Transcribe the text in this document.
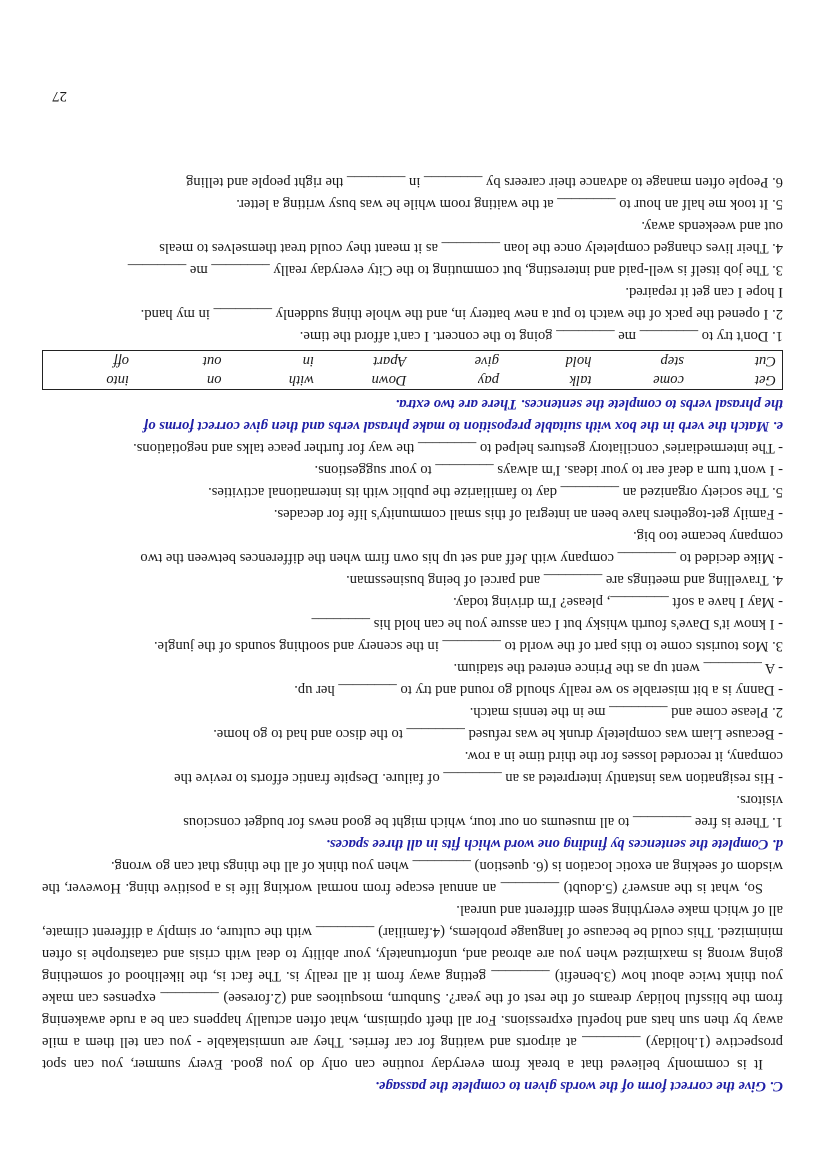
27

C. Give the correct form of the words given to complete the passage.

It is commonly believed that a break from everyday routine can only do you good. Every summer, you can spot prospective (1.holiday) ________ at airports and waiting for car ferries. They are unmistakable - you can tell them a mile away by then sun hats and hopeful expressions. For all theft optimism, what often actually happens can be a rude awakening from the blissful holiday dreams of the rest of the year?. Sunburn, mosquitoes and (2.foresee) ________ expenses can make you think twice about how (3.benefit) ________ getting away from it all really is. The fact is, the likelihood of something going wrong is maximized when you are abroad and, unfortunately, your ability to deal with crisis and catastrophe is often minimized. This could be because of language problems, (4.familiar) ________ with the culture, or simply a different climate, all of which make everything seem different and unreal.

So, what is the answer? (5.doubt) ________ an annual escape from normal working life is a positive thing. However, the wisdom of seeking an exotic location is (6. question) ________ when you think of all the things that can go wrong.

d. Complete the sentences by finding one word which fits in all three spaces.

1. There is free ________ to all museums on our tour, which might be good news for budget conscious

visitors.

- His resignation was instantly interpreted as an ________ of failure. Despite frantic efforts to revive the

company, it recorded losses for the third time in a row.

- Because Liam was completely drunk he was refused ________ to the disco and had to go home.

2. Please come and ________ me in the tennis match.

- Danny is a bit miserable so we really should go round and try to ________ her up.

- A ________ went up as the Prince entered the stadium.

3. Mos tourists come to this part of the world to ________ in the scenery and soothing sounds of the jungle.

- I know it's Dave's fourth whisky but I can assure you he can hold his ________

- May I have a soft ________, please? I'm driving today.

4. Travelling and meetings are ________ and parcel of being businessman.

- Mike decided to ________ company with Jeff and set up his own firm when the differences between the two

company became too big.

- Family get-togethers have been an integral of this small community's life for decades.

5. The society organized an ________ day to familiarize the public with its international activities.

- I won't turn a deaf ear to your ideas. I'm always ________ to your suggestions.

- The intermediaries' conciliatory gestures helped to ________ the way for further peace talks and negotiations.

e. Match the verb in the box with suitable preposition to make phrasal verbs and then give correct forms of

the phrasal verbs to complete the sentences. There are two extra.

Get	come	talk	pay	Down	with	on	into
Cut	step	hold	give	Apart	in	out	off

1. Don't try to ________ me ________ going to the concert. I can't afford the time.

2. I opened the pack of the watch to put a new battery in, and the whole thing suddenly ________ in my hand.

I hope I can get it repaired.

3. The job itself is well-paid and interesting, but commuting to the City everyday really ________ me ________

4. Their lives changed completely once the loan ________ as it meant they could treat themselves to meals

out and weekends away.

5. It took me half an hour to ________ at the waiting room while he was busy writing a letter.

6. People often manage to advance their careers by ________ in ________ the right people and telling
